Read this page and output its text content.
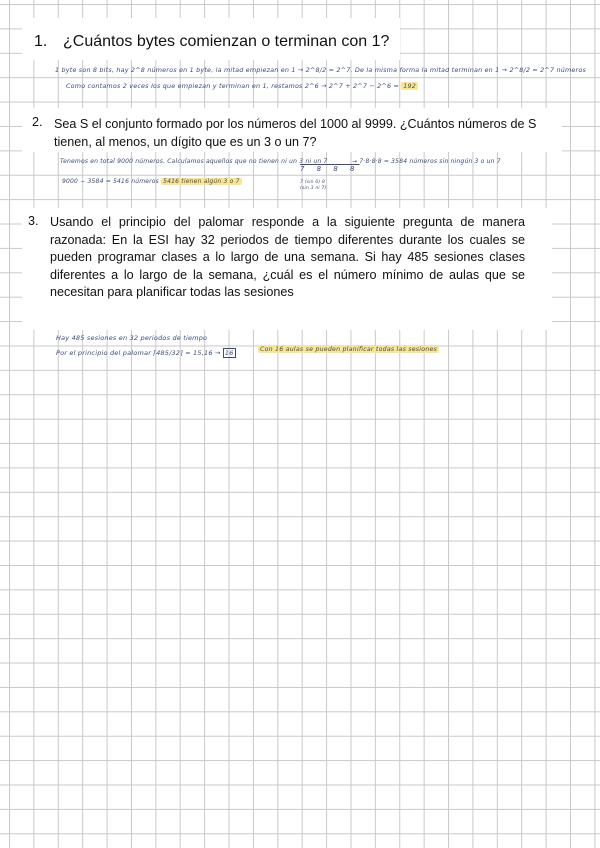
1. ¿Cuántos bytes comienzan o terminan con 1?
1 byte son 8 bits, hay 2^8 números en 1 byte, la mitad empiezan en 1 → 2^8/2 = 2^7. De la misma forma la mitad terminan en 1 → 2^8/2 = 2^7 números
Como contamos 2 veces los que empiezan y terminan en 1, restamos 2^6 → 2^7 + 2^7 − 2^6 = 192
2. Sea S el conjunto formado por los números del 1000 al 9999. ¿Cuántos números de S tienen, al menos, un dígito que es un 3 o un 7?
Tenemos en total 9000 números. Calculamos aquellos que no tienen ni un 3 ni un 7
7 8 8 8
→ 7·8·8·8 = 3584 números sin ningún 3 o un 7
9000 − 3584 = 5416 números 5416 tienen algún 3 o 7	7 (sin 0) 8 (sin 3 ni 7)
3. Usando el principio del palomar responde a la siguiente pregunta de manera razonada: En la ESI hay 32 periodos de tiempo diferentes durante los cuales se pueden programar clases a lo largo de una semana. Si hay 485 sesiones clases diferentes a lo largo de la semana, ¿cuál es el número mínimo de aulas que se necesitan para planificar todas las sesiones
Hay 485 sesiones en 32 periodos de tiempo
Por el principio del palomar ⌈485/32⌉ = 15,16 → 16	Con 16 aulas se pueden planificar todas las sesiones
